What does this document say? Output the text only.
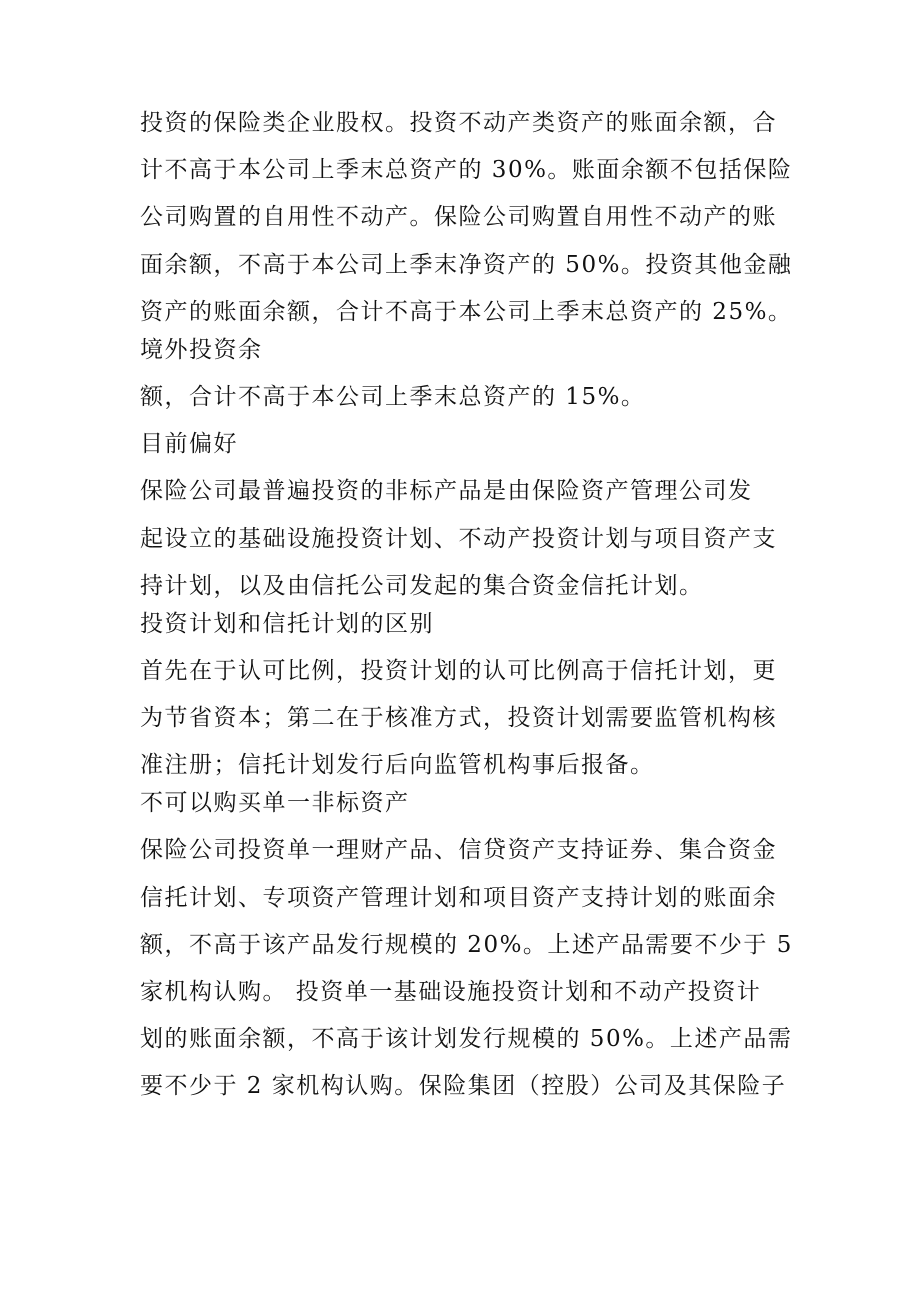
投资的保险类企业股权。投资不动产类资产的账面余额，合
计不高于本公司上季末总资产的 30%。账面余额不包括保险
公司购置的自用性不动产。保险公司购置自用性不动产的账
面余额，不高于本公司上季末净资产的 50%。投资其他金融
资产的账面余额，合计不高于本公司上季末总资产的 25%。
境外投资余
额，合计不高于本公司上季末总资产的 15%。
目前偏好
保险公司最普遍投资的非标产品是由保险资产管理公司发
起设立的基础设施投资计划、不动产投资计划与项目资产支
持计划，以及由信托公司发起的集合资金信托计划。
投资计划和信托计划的区别
首先在于认可比例，投资计划的认可比例高于信托计划，更
为节省资本；第二在于核准方式，投资计划需要监管机构核
准注册；信托计划发行后向监管机构事后报备。
不可以购买单一非标资产
保险公司投资单一理财产品、信贷资产支持证券、集合资金
信托计划、专项资产管理计划和项目资产支持计划的账面余
额，不高于该产品发行规模的 20%。上述产品需要不少于 5
家机构认购。 投资单一基础设施投资计划和不动产投资计
划的账面余额，不高于该计划发行规模的 50%。上述产品需
要不少于 2 家机构认购。保险集团（控股）公司及其保险子
